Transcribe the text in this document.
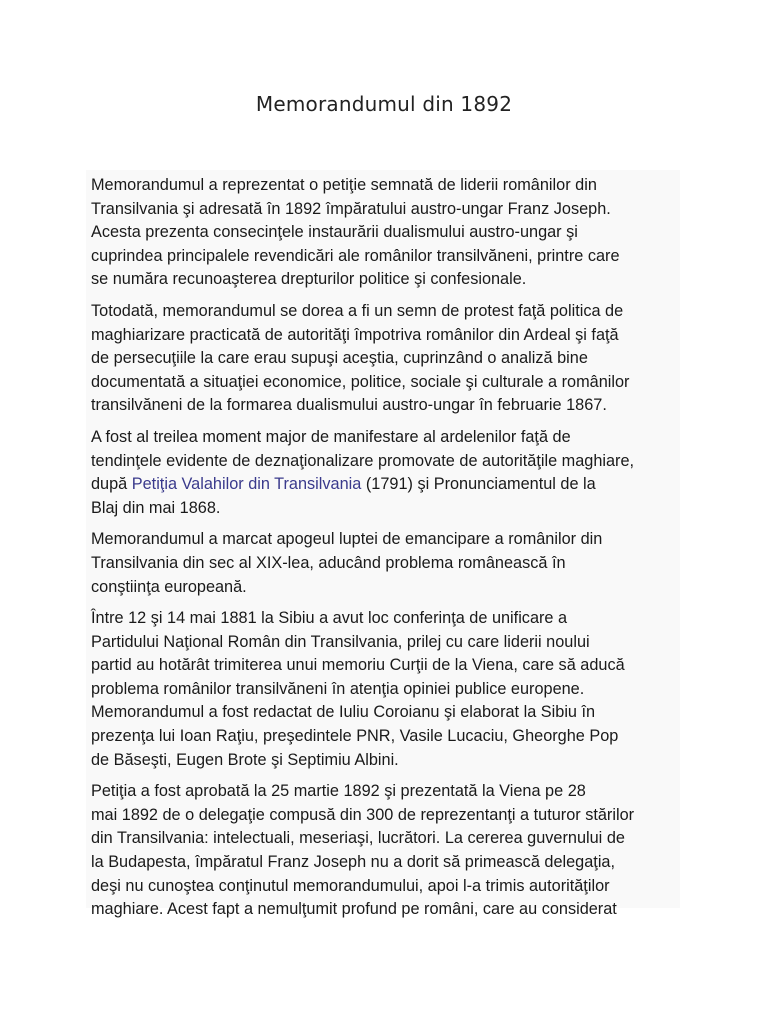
Memorandumul din 1892

Memorandumul a reprezentat o petiţie semnată de liderii românilor din
Transilvania şi adresată în 1892 împăratului austro-ungar Franz Joseph.
Acesta prezenta consecinţele instaurării dualismului austro-ungar şi
cuprindea principalele revendicări ale românilor transilvăneni, printre care
se număra recunoaşterea drepturilor politice şi confesionale.

Totodată, memorandumul se dorea a fi un semn de protest faţă politica de
maghiarizare practicată de autorităţi împotriva românilor din Ardeal şi faţă
de persecuţiile la care erau supuşi aceştia, cuprinzând o analiză bine
documentată a situaţiei economice, politice, sociale şi culturale a românilor
transilvăneni de la formarea dualismului austro-ungar în februarie 1867.

A fost al treilea moment major de manifestare al ardelenilor faţă de
tendinţele evidente de deznaţionalizare promovate de autorităţile maghiare,
după Petiţia Valahilor din Transilvania (1791) şi Pronunciamentul de la
Blaj din mai 1868.

Memorandumul a marcat apogeul luptei de emancipare a românilor din
Transilvania din sec al XIX-lea, aducând problema românească în
conştiinţa europeană.

Între 12 şi 14 mai 1881 la Sibiu a avut loc conferinţa de unificare a
Partidului Naţional Român din Transilvania, prilej cu care liderii noului
partid au hotărât trimiterea unui memoriu Curţii de la Viena, care să aducă
problema românilor transilvăneni în atenţia opiniei publice europene.
Memorandumul a fost redactat de Iuliu Coroianu şi elaborat la Sibiu în
prezenţa lui Ioan Raţiu, preşedintele PNR, Vasile Lucaciu, Gheorghe Pop
de Băseşti, Eugen Brote şi Septimiu Albini.

Petiţia a fost aprobată la 25 martie 1892 şi prezentată la Viena pe 28
mai 1892 de o delegaţie compusă din 300 de reprezentanţi a tuturor stărilor
din Transilvania: intelectuali, meseriaşi, lucrători. La cererea guvernului de
la Budapesta, împăratul Franz Joseph nu a dorit să primească delegaţia,
deşi nu cunoştea conţinutul memorandumului, apoi l-a trimis autorităţilor
maghiare. Acest fapt a nemulţumit profund pe români, care au considerat
